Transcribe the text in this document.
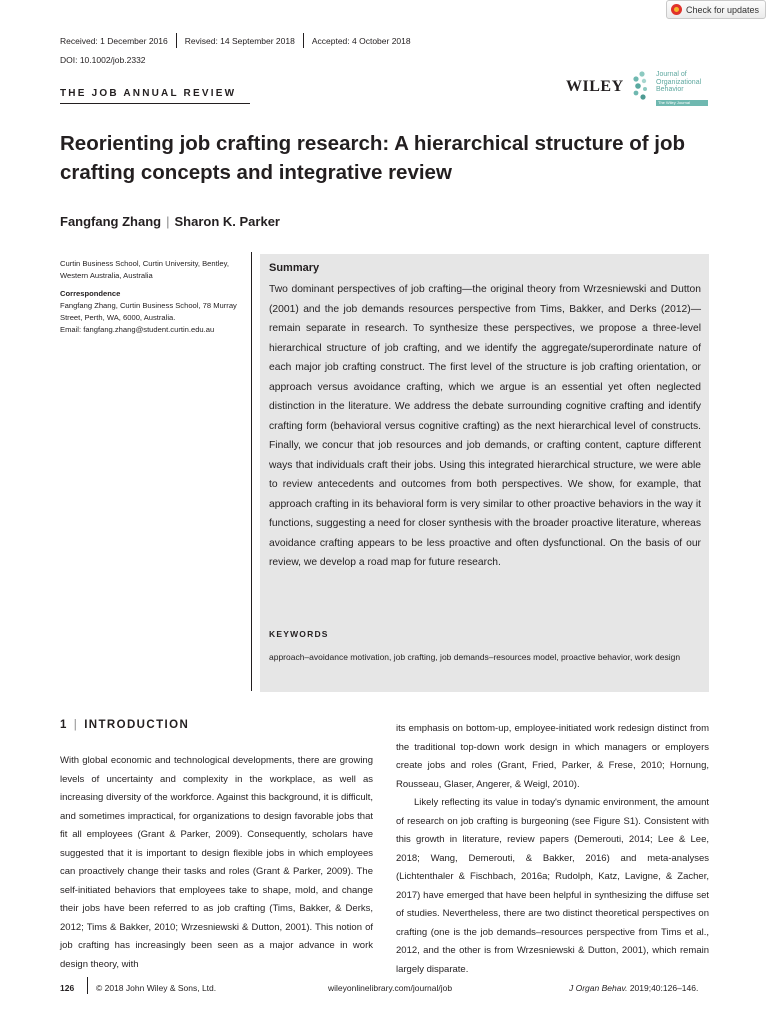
Check for updates
Received: 1 December 2016	Revised: 14 September 2018	Accepted: 4 October 2018
DOI: 10.1002/job.2332
THE JOB ANNUAL REVIEW	WILEY
Journal of
Organizational
Behavior
The Wiley Journal
Reorienting job crafting research: A hierarchical structure of job crafting concepts and integrative review
Fangfang Zhang | Sharon K. Parker
Curtin Business School, Curtin University, Bentley, Western Australia, Australia
Correspondence
Fangfang Zhang, Curtin Business School, 78 Murray Street, Perth, WA, 6000, Australia.
Email: fangfang.zhang@student.curtin.edu.au
Summary
Two dominant perspectives of job crafting—the original theory from Wrzesniewski and Dutton (2001) and the job demands resources perspective from Tims, Bakker, and Derks (2012)—remain separate in research. To synthesize these perspectives, we propose a three-level hierarchical structure of job crafting, and we identify the aggregate/superordinate nature of each major job crafting construct. The first level of the structure is job crafting orientation, or approach versus avoidance crafting, which we argue is an essential yet often neglected distinction in the literature. We address the debate surrounding cognitive crafting and identify crafting form (behavioral versus cognitive crafting) as the next hierarchical level of constructs. Finally, we concur that job resources and job demands, or crafting content, capture different ways that individuals craft their jobs. Using this integrated hierarchical structure, we were able to review antecedents and outcomes from both perspectives. We show, for example, that approach crafting in its behavioral form is very similar to other proactive behaviors in the way it functions, suggesting a need for closer synthesis with the broader proactive literature, whereas avoidance crafting appears to be less proactive and often dysfunctional. On the basis of our review, we develop a road map for future research.
KEYWORDS
approach–avoidance motivation, job crafting, job demands–resources model, proactive behavior, work design
1 | INTRODUCTION

With global economic and technological developments, there are growing levels of uncertainty and complexity in the workplace, as well as increasing diversity of the workforce. Against this background, it is difficult, and sometimes impractical, for organizations to design favorable jobs that fit all employees (Grant & Parker, 2009). Consequently, scholars have suggested that it is important to design flexible jobs in which employees can proactively change their tasks and roles (Grant & Parker, 2009). The self-initiated behaviors that employees take to shape, mold, and change their jobs have been referred to as job crafting (Tims, Bakker, & Derks, 2012; Tims & Bakker, 2010; Wrzesniewski & Dutton, 2001). This notion of job crafting has increasingly been seen as a major advance in work design theory, with

its emphasis on bottom-up, employee-initiated work redesign distinct from the traditional top-down work design in which managers or employers create jobs and roles (Grant, Fried, Parker, & Frese, 2010; Hornung, Rousseau, Glaser, Angerer, & Weigl, 2010).

Likely reflecting its value in today's dynamic environment, the amount of research on job crafting is burgeoning (see Figure S1). Consistent with this growth in literature, review papers (Demerouti, 2014; Lee & Lee, 2018; Wang, Demerouti, & Bakker, 2016) and meta-analyses (Lichtenthaler & Fischbach, 2016a; Rudolph, Katz, Lavigne, & Zacher, 2017) have emerged that have been helpful in synthesizing the diffuse set of studies. Nevertheless, there are two distinct theoretical perspectives on crafting (one is the job demands–resources perspective from Tims et al., 2012, and the other is from Wrzesniewski & Dutton, 2001), which remain largely disparate.

126	© 2018 John Wiley & Sons, Ltd.	wileyonlinelibrary.com/journal/job	J Organ Behav. 2019;40:126–146.
